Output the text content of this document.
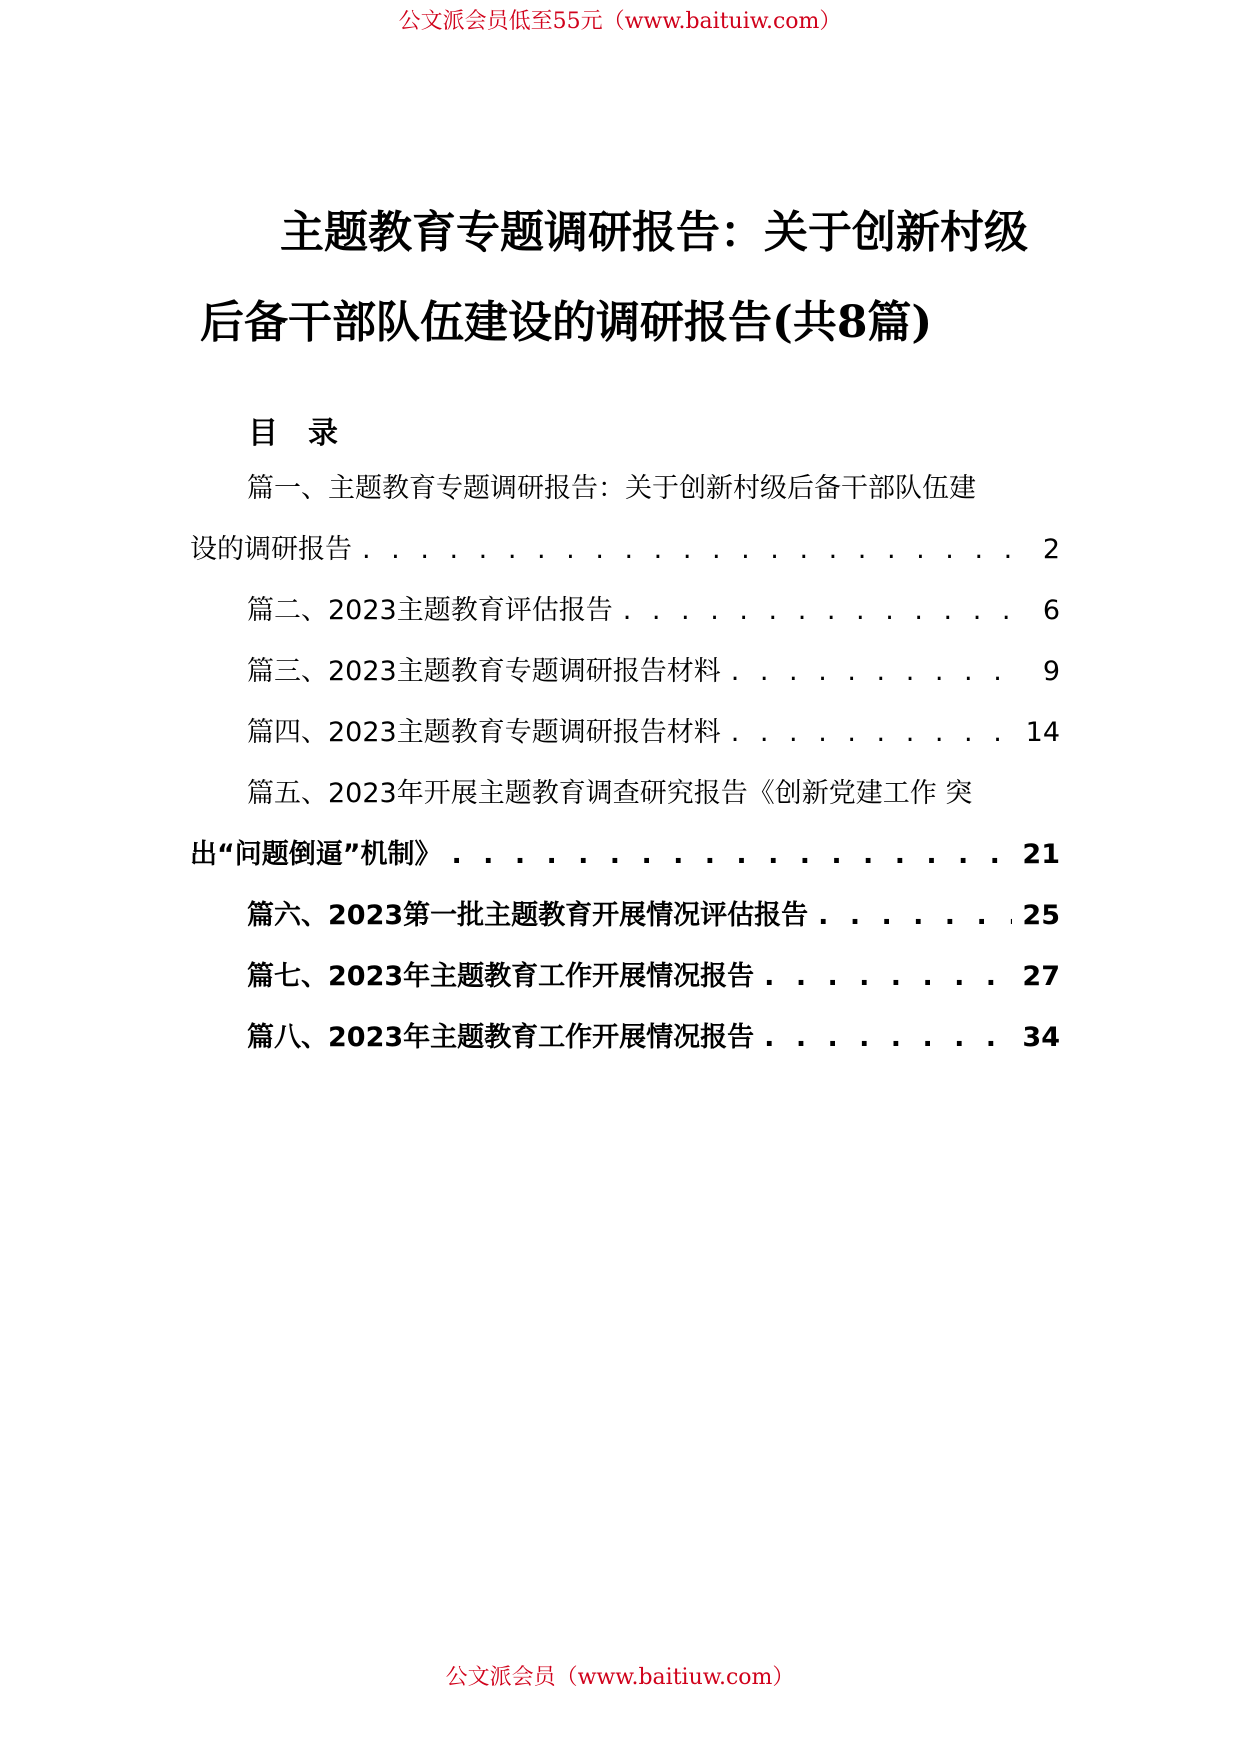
公文派会员低至55元（www.baituiw.com）
主题教育专题调研报告：关于创新村级
后备干部队伍建设的调研报告(共8篇)
目录
篇一、主题教育专题调研报告：关于创新村级后备干部队伍建
设的调研报告 . . .	2
篇二、2023主题教育评估报告 . . .	6
篇三、2023主题教育专题调研报告材料 . . .	9
篇四、2023主题教育专题调研报告材料 . . .	14
篇五、2023年开展主题教育调查研究报告《创新党建工作 突
出“问题倒逼”机制》 . . .	21
篇六、2023第一批主题教育开展情况评估报告 . . .	25
篇七、2023年主题教育工作开展情况报告 . . .	27
篇八、2023年主题教育工作开展情况报告 . . .	34
公文派会员（www.baitiuw.com）
